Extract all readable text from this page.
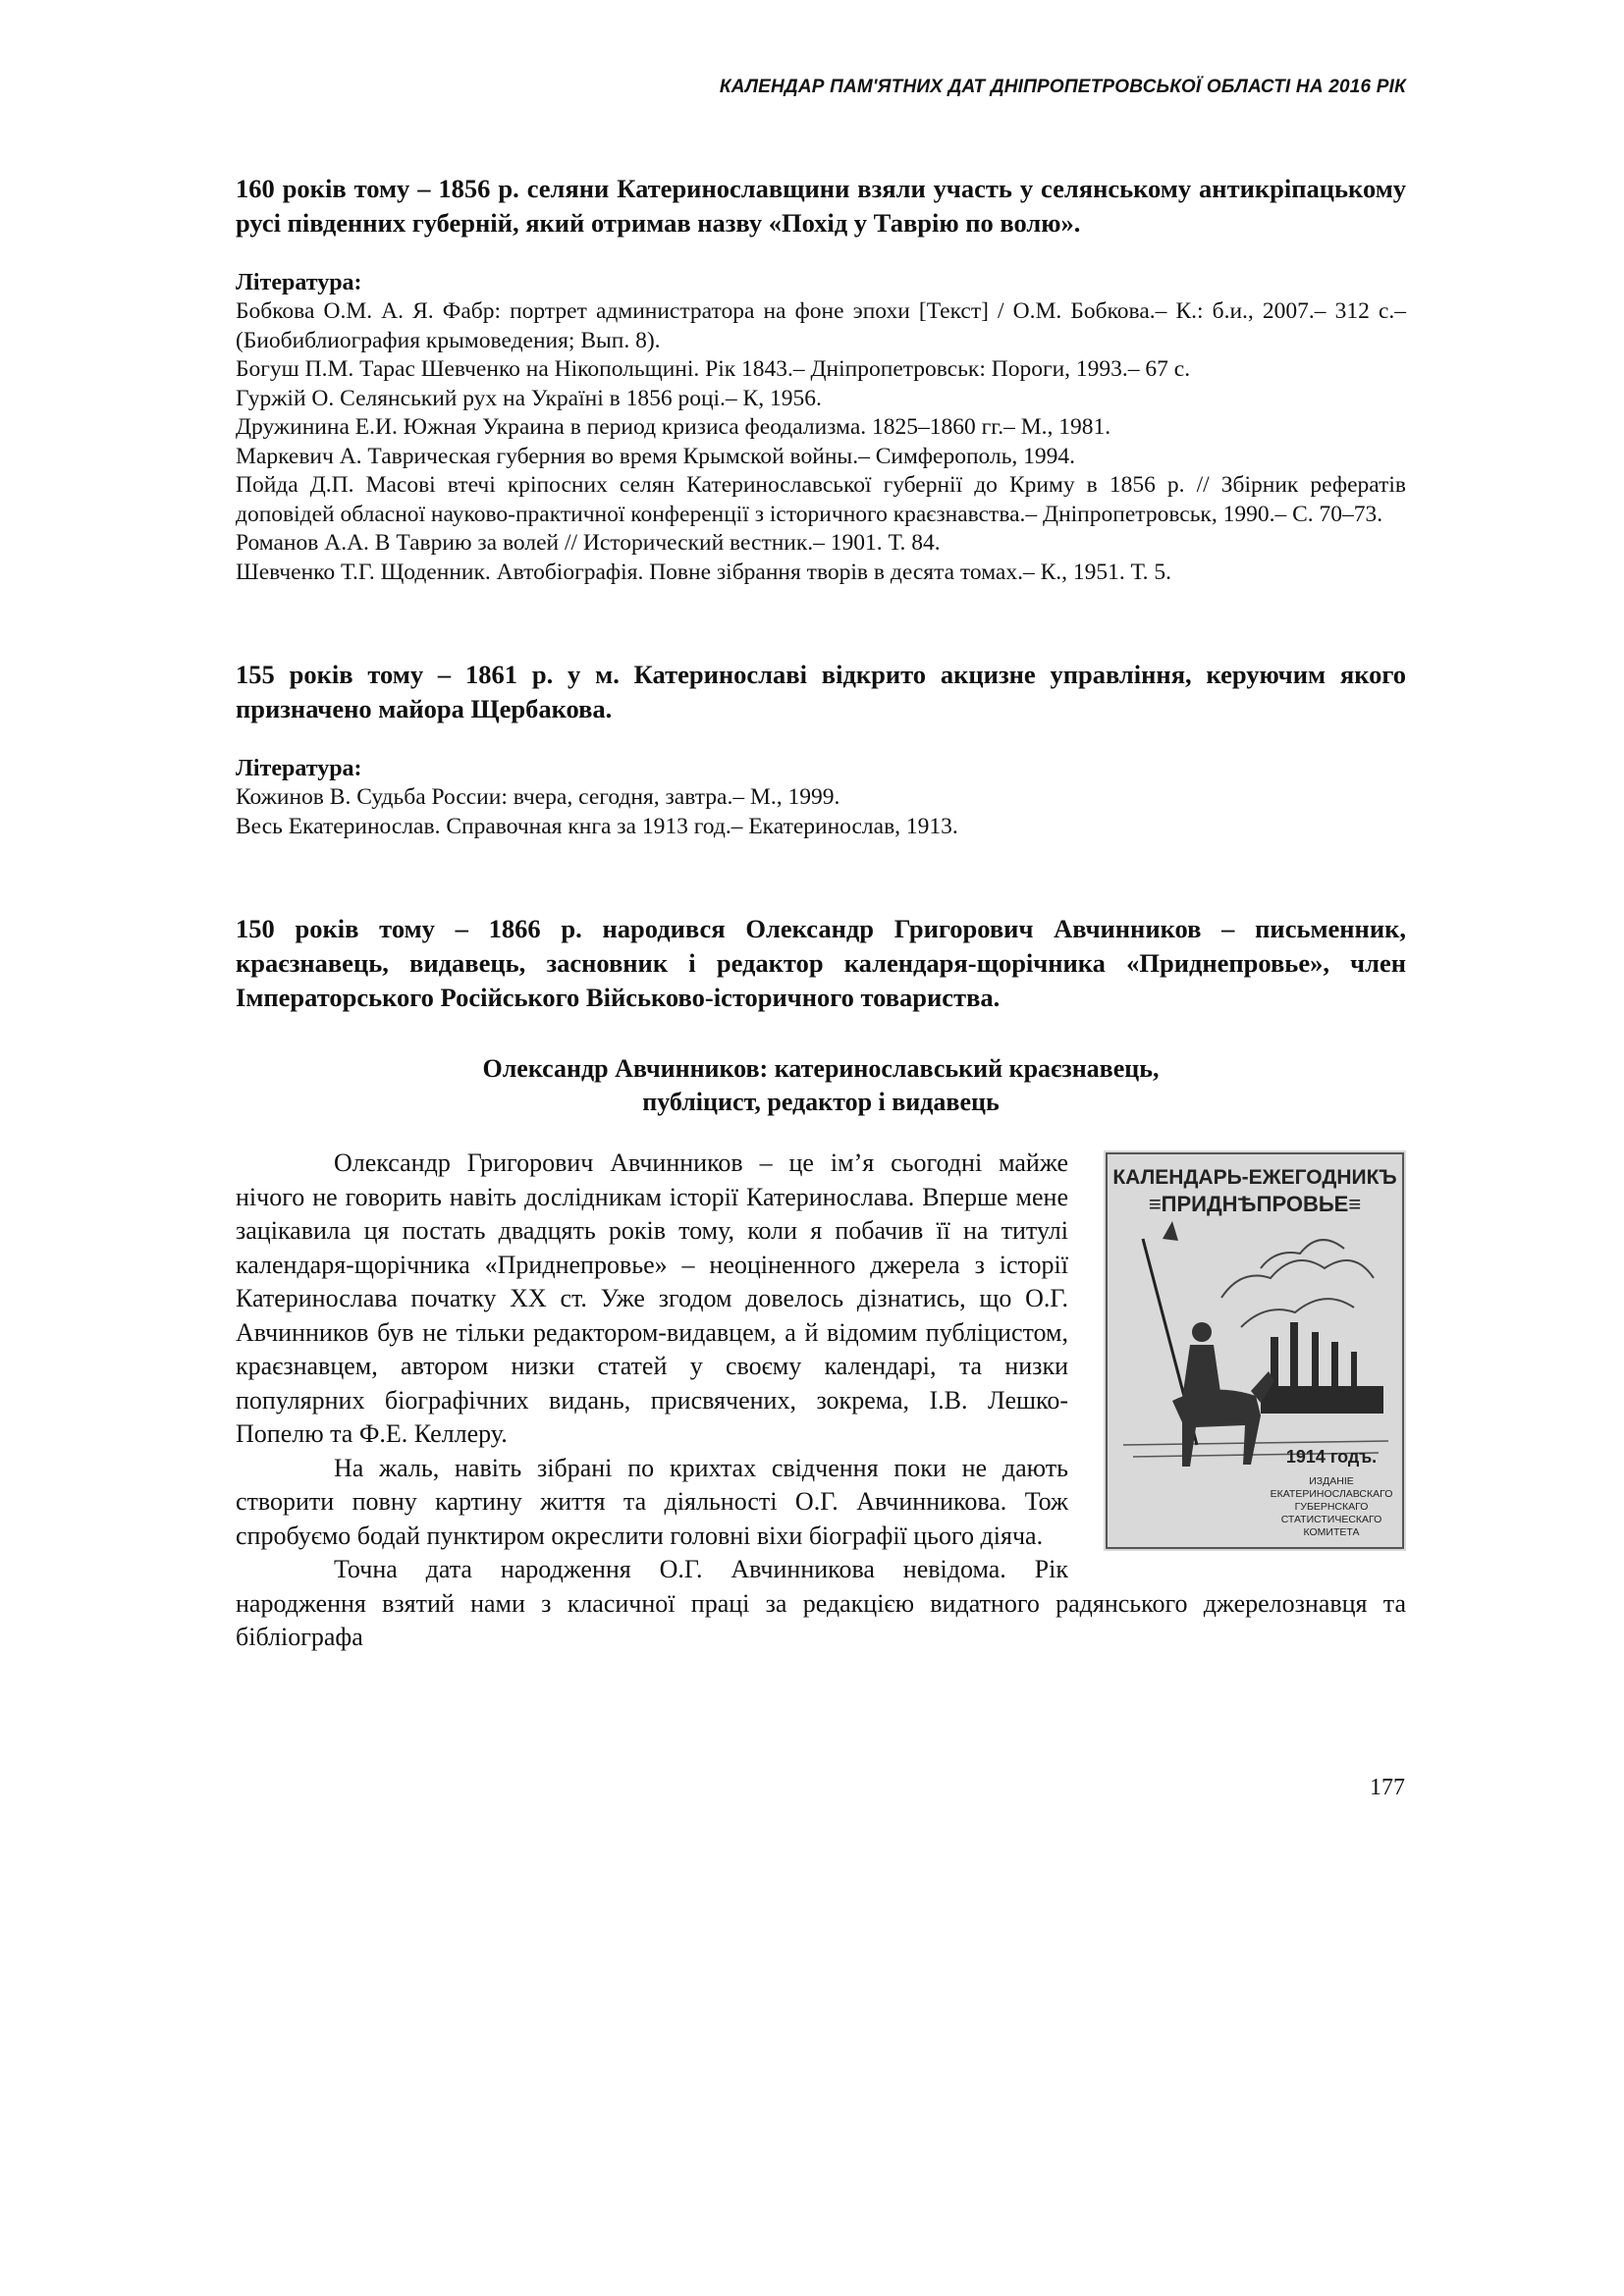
КАЛЕНДАР ПАМ'ЯТНИХ ДАТ ДНІПРОПЕТРОВСЬКОЇ ОБЛАСТІ НА 2016 РІК

160 років тому – 1856 р. селяни Катеринославщини взяли участь у селянському антикріпацькому русі південних губерній, який отримав назву «Похід у Таврію по волю».

Література:
Бобкова О.М. А. Я. Фабр: портрет администратора на фоне эпохи [Текст] / О.М. Бобкова.– К.: б.и., 2007.– 312 с.– (Биобиблиография крымоведения; Вып. 8).
Богуш П.М. Тарас Шевченко на Нікопольщині. Рік 1843.– Дніпропетровськ: Пороги, 1993.– 67 с.
Гуржій О. Селянський рух на Україні в 1856 році.– К, 1956.
Дружинина Е.И. Южная Украина в период кризиса феодализма. 1825–1860 гг.– М., 1981.
Маркевич А. Таврическая губерния во время Крымской войны.– Симферополь, 1994.
Пойда Д.П. Масові втечі кріпосних селян Катеринославської губернії до Криму в 1856 р. // Збірник рефератів доповідей обласної науково-практичної конференції з історичного краєзнавства.– Дніпропетровськ, 1990.– С. 70–73.
Романов А.А. В Таврию за волей // Исторический вестник.– 1901. Т. 84.
Шевченко Т.Г. Щоденник. Автобіографія. Повне зібрання творів в десята томах.– К., 1951. Т. 5.

155 років тому – 1861 р. у м. Катеринославі відкрито акцизне управління, керуючим якого призначено майора Щербакова.

Література:
Кожинов В. Судьба России: вчера, сегодня, завтра.– М., 1999.
Весь Екатеринослав. Справочная кнга за 1913 год.– Екатеринослав, 1913.

150 років тому – 1866 р. народився Олександр Григорович Авчинников – письменник, краєзнавець, видавець, засновник і редактор календаря-щорічника «Приднепровье», член Імператорського Російського Військово-історичного товариства.

Олександр Авчинников: катеринославський краєзнавець,
публіцист, редактор і видавець
КАЛЕНДАРЬ-ЕЖЕГОДНИКЪ
≡ПРИДНѢПРОВЬЕ≡
1914 годъ.
ИЗДАНІЕ
ЕКАТЕРИНОСЛАВСКАГО
ГУБЕРНСКАГО
СТАТИСТИЧЕСКАГО
КОМИТЕТА

Олександр Григорович Авчинников – це ім’я сьогодні майже нічого не говорить навіть дослідникам історії Катеринослава. Вперше мене зацікавила ця постать двадцять років тому, коли я побачив її на титулі календаря-щорічника «Приднепровье» – неоціненного джерела з історії Катеринослава початку XX ст. Уже згодом довелось дізнатись, що О.Г. Авчинников був не тільки редактором-видавцем, а й відомим публіцистом, краєзнавцем, автором низки статей у своєму календарі, та низки популярних біографічних видань, присвячених, зокрема, І.В. Лешко-Попелю та Ф.Е. Келлеру.

На жаль, навіть зібрані по крихтах свідчення поки не дають створити повну картину життя та діяльності О.Г. Авчинникова. Тож спробуємо бодай пунктиром окреслити головні віхи біографії цього діяча.

Точна дата народження О.Г. Авчинникова невідома. Рік народження взятий нами з класичної праці за редакцією видатного радянського джерелознавця та бібліографа

177
